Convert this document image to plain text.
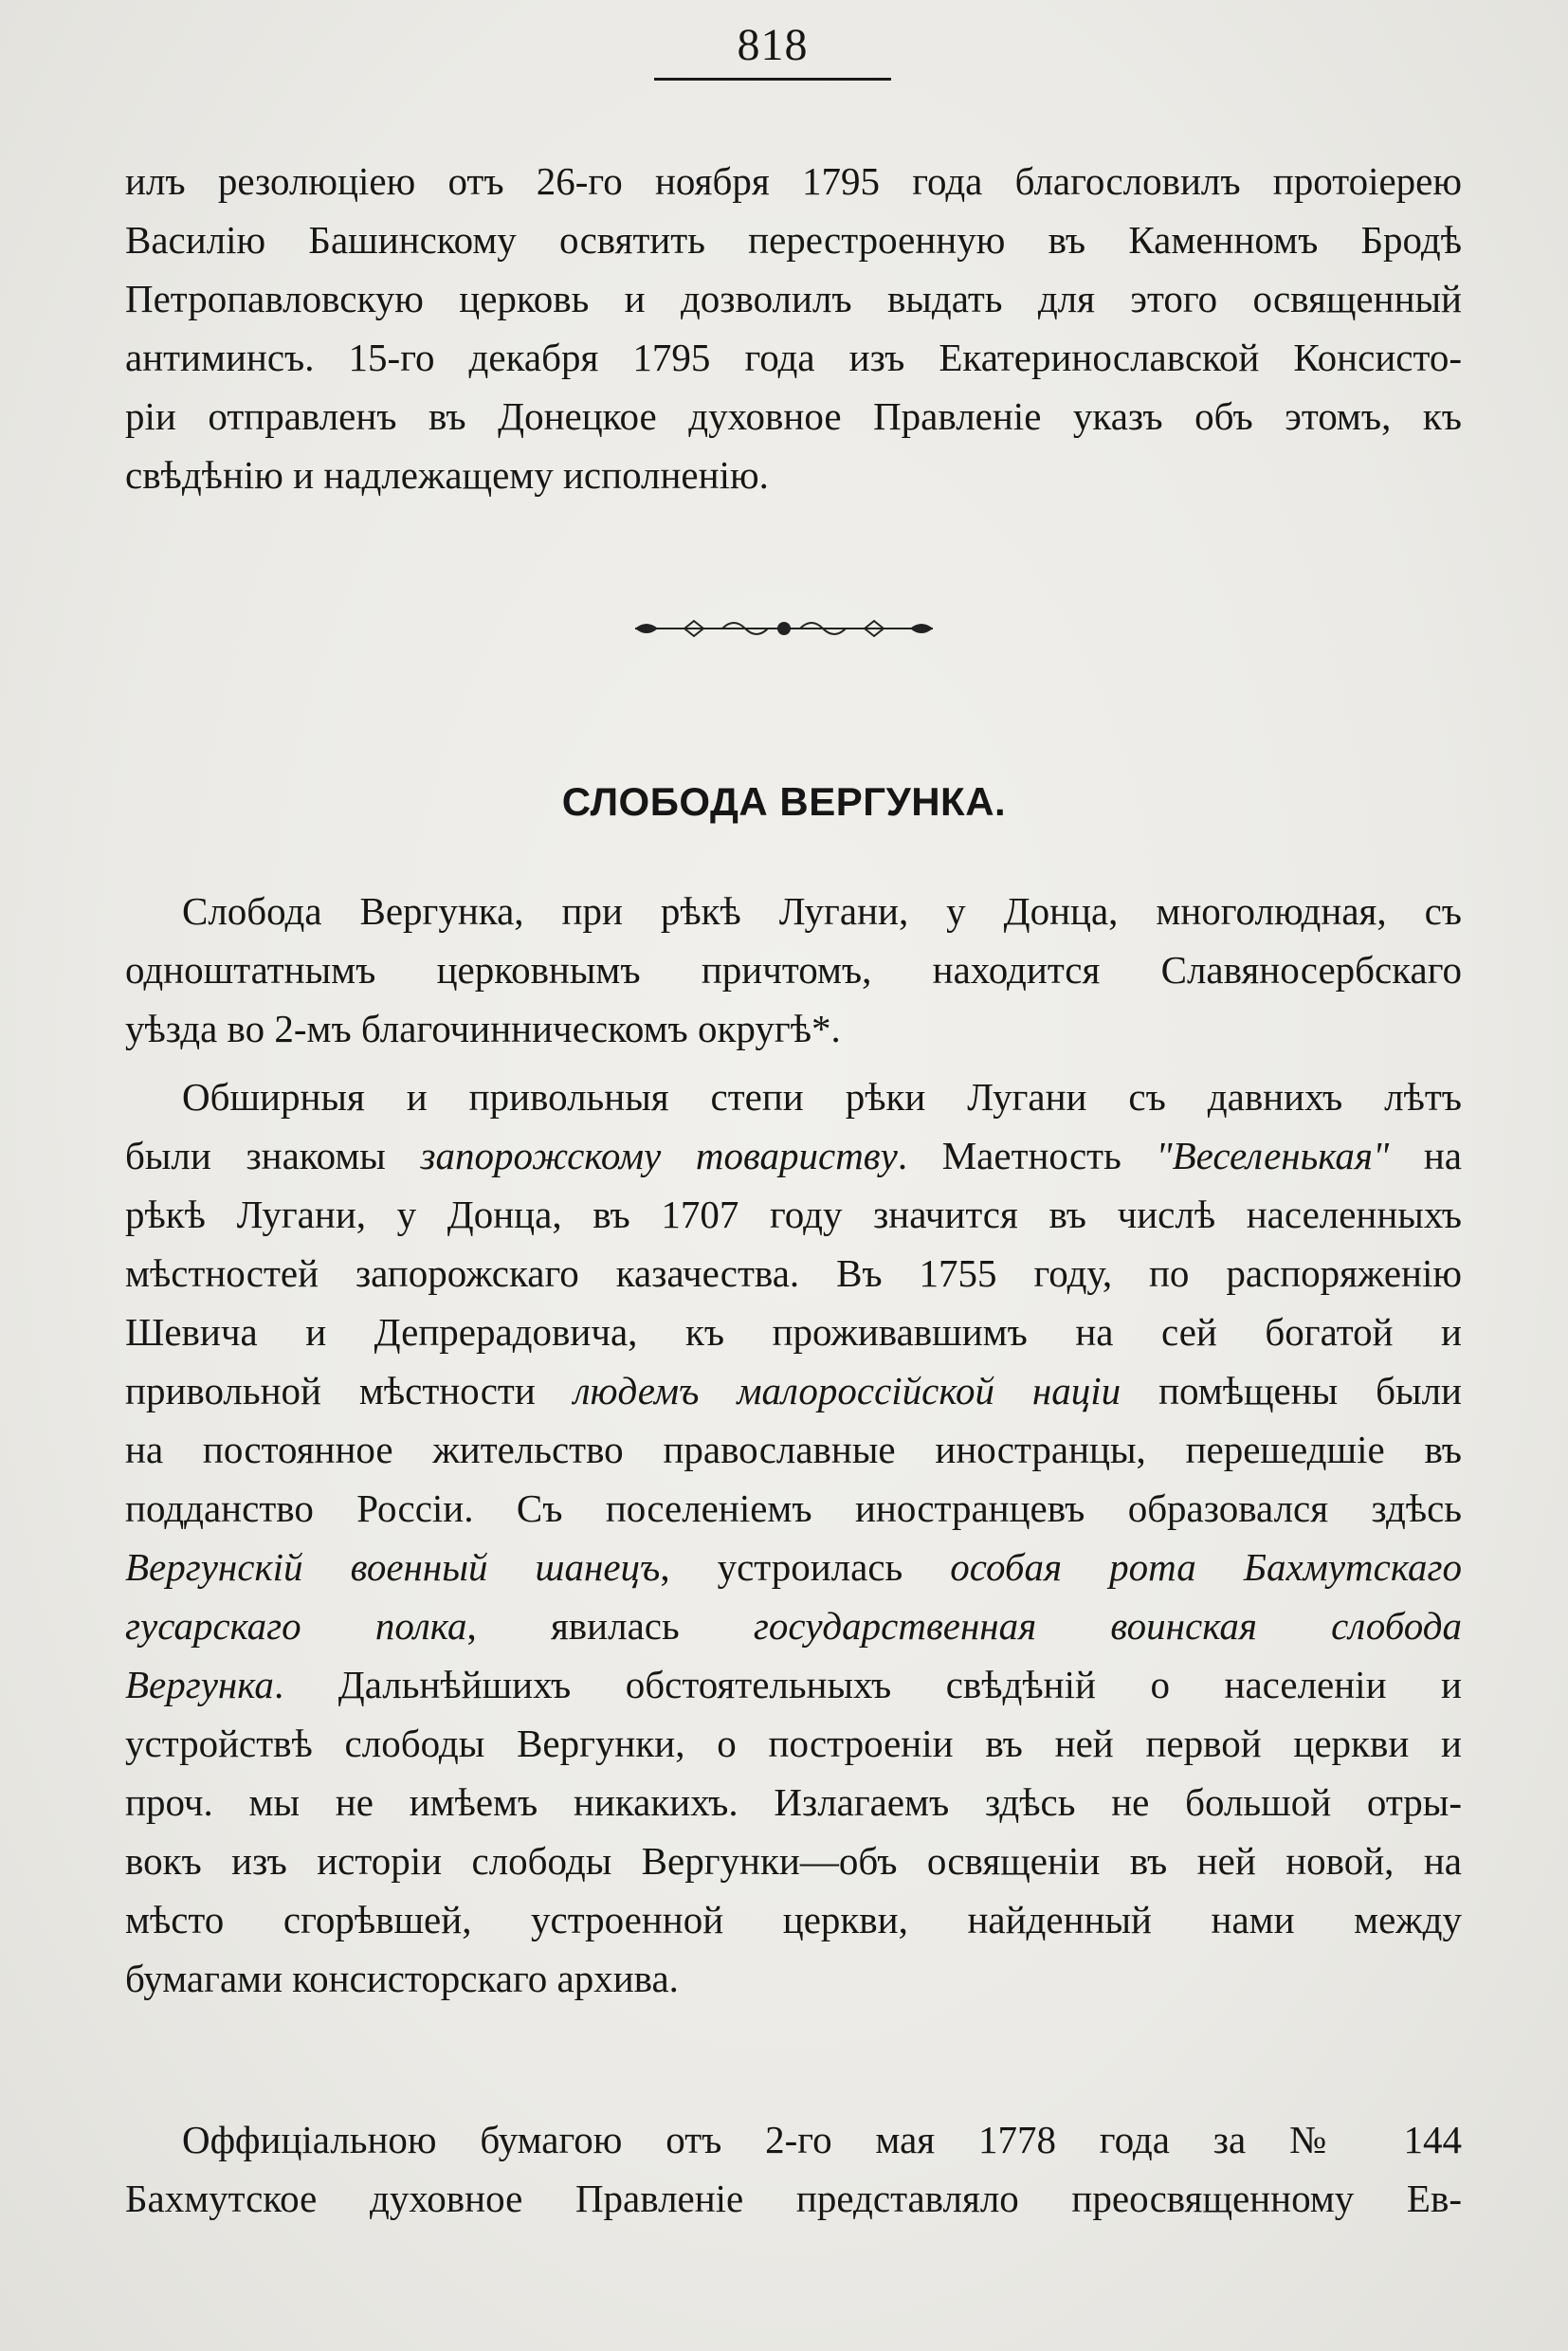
818
илъ резолюціею отъ 26-го ноября 1795 года благословилъ протоіерею
Василію Башинскому освятить перестроенную въ Каменномъ Бродѣ
Петропавловскую церковь и дозволилъ выдать для этого освященный
антиминсъ. 15-го декабря 1795 года изъ Екатеринославской Консисто-
ріи отправленъ въ Донецкое духовное Правленіе указъ объ этомъ, къ
свѣдѣнію и надлежащему исполненію.
СЛОБОДА ВЕРГУНКА.
Слобода Вергунка, при рѣкѣ Лугани, у Донца, многолюдная, съ
одноштатнымъ церковнымъ причтомъ, находится Славяносербскаго
уѣзда во 2-мъ благочинническомъ округѣ*.
Обширныя и привольныя степи рѣки Лугани съ давнихъ лѣтъ
были знакомы запорожскому товариству. Маетность "Веселенькая" на
рѣкѣ Лугани, у Донца, въ 1707 году значится въ числѣ населенныхъ
мѣстностей запорожскаго казачества. Въ 1755 году, по распоряженію
Шевича и Депрерадовича, къ проживавшимъ на сей богатой и
привольной мѣстности людемъ малороссійской націи помѣщены были
на постоянное жительство православные иностранцы, перешедшіе въ
подданство Россіи. Съ поселеніемъ иностранцевъ образовался здѣсь
Вергунскій военный шанецъ, устроилась особая рота Бахмутскаго
гусарскаго полка, явилась государственная воинская слобода
Вергунка. Дальнѣйшихъ обстоятельныхъ свѣдѣній о населеніи и
устройствѣ слободы Вергунки, о построеніи въ ней первой церкви и
проч. мы не имѣемъ никакихъ. Излагаемъ здѣсь не большой отры-
вокъ изъ исторіи слободы Вергунки—объ освященіи въ ней новой, на
мѣсто сгорѣвшей, устроенной церкви, найденный нами между
бумагами консисторскаго архива.
Оффиціальною бумагою отъ 2-го мая 1778 года за № 144
Бахмутское духовное Правленіе представляло преосвященному Ев-
